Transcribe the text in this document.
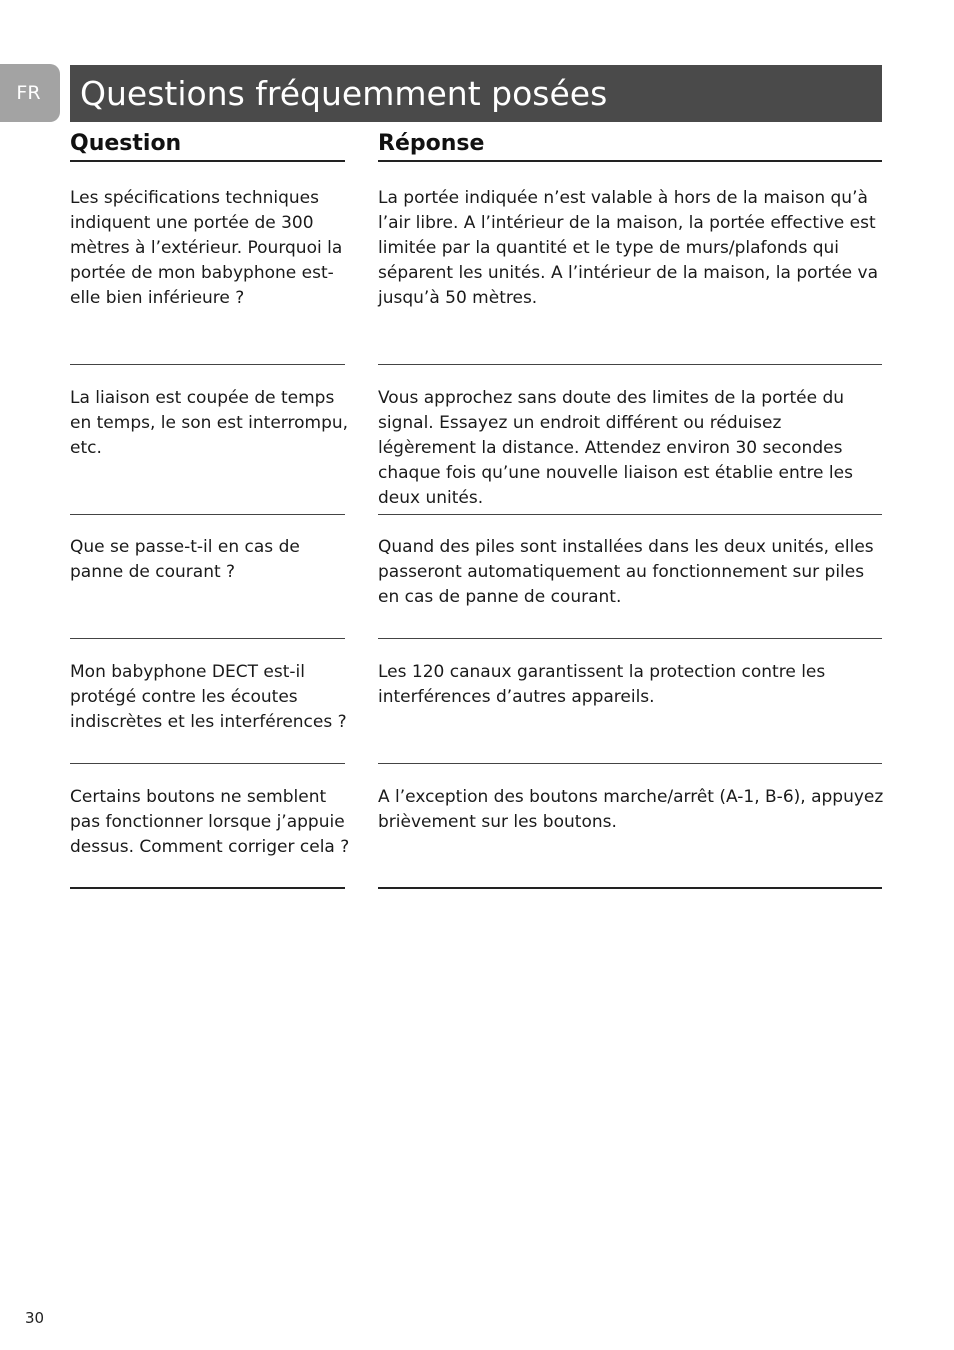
FR	Questions fréquemment posées
Question	Réponse
Les spécifications techniques indiquent une portée de 300 mètres à l’extérieur. Pourquoi la portée de mon babyphone est-elle bien inférieure ?
La portée indiquée n’est valable à hors de la maison qu’à l’air libre. A l’intérieur de la maison, la portée effective est limitée par la quantité et le type de murs/plafonds qui séparent les unités. A l’intérieur de la maison, la portée va jusqu’à 50 mètres.
La liaison est coupée de temps en temps, le son est interrompu, etc.
Vous approchez sans doute des limites de la portée du signal. Essayez un endroit différent ou réduisez légèrement la distance. Attendez environ 30 secondes chaque fois qu’une nouvelle liaison est établie entre les deux unités.
Que se passe-t-il en cas de panne de courant ?
Quand des piles sont installées dans les deux unités, elles passeront automatiquement au fonctionnement sur piles en cas de panne de courant.
Mon babyphone DECT est-il protégé contre les écoutes indiscrètes et les interférences ?
Les 120 canaux garantissent la protection contre les interférences d’autres appareils.
Certains boutons ne semblent pas fonctionner lorsque j’appuie dessus. Comment corriger cela ?
A l’exception des boutons marche/arrêt (A-1, B-6), appuyez brièvement sur les boutons.
30
